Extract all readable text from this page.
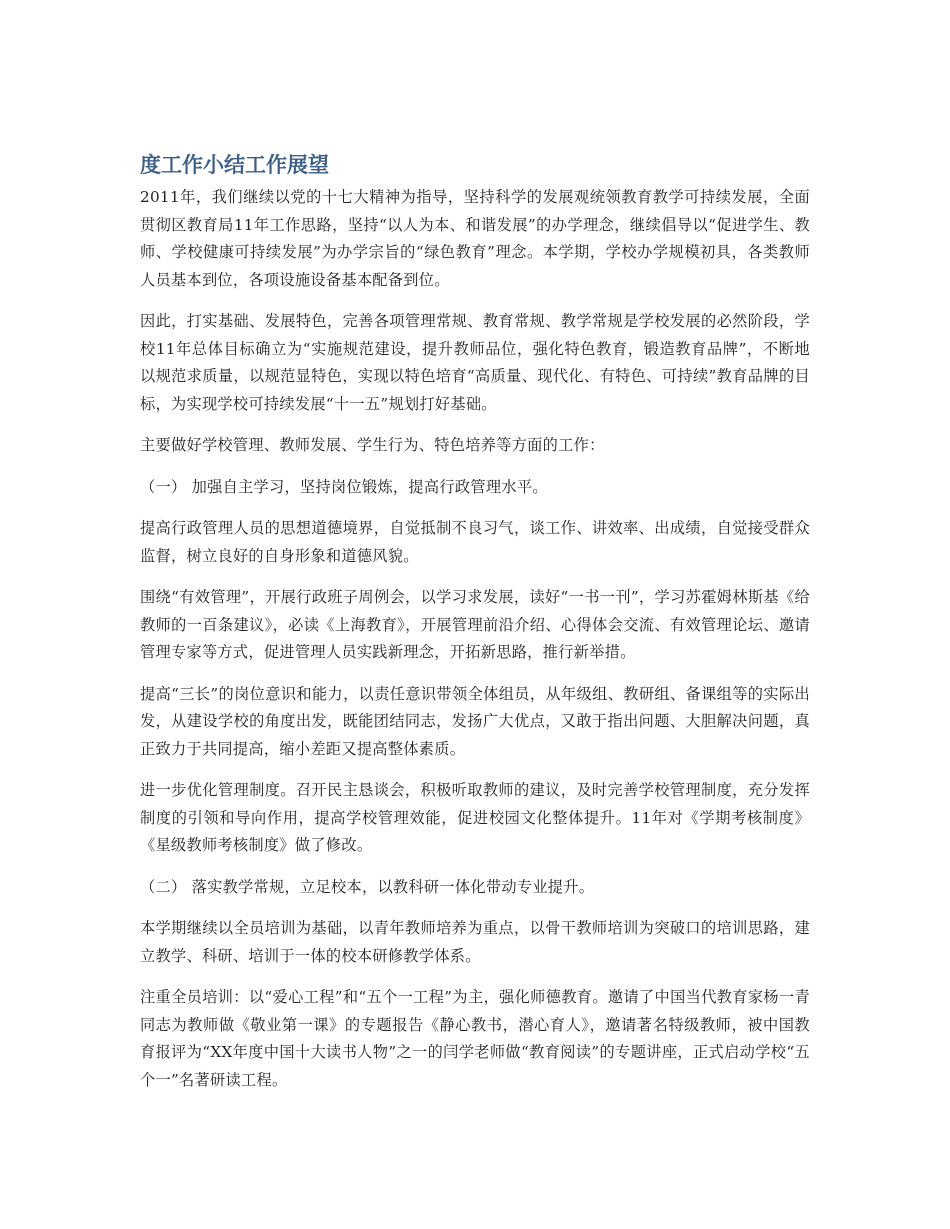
度工作小结工作展望

2011年，我们继续以党的十七大精神为指导，坚持科学的发展观统领教育教学可持续发展，全面贯彻区教育局11年工作思路，坚持“以人为本、和谐发展”的办学理念，继续倡导以“促进学生、教师、学校健康可持续发展”为办学宗旨的“绿色教育”理念。本学期，学校办学规模初具，各类教师人员基本到位，各项设施设备基本配备到位。

因此，打实基础、发展特色，完善各项管理常规、教育常规、教学常规是学校发展的必然阶段，学校11年总体目标确立为“实施规范建设，提升教师品位，强化特色教育，锻造教育品牌”，不断地以规范求质量，以规范显特色，实现以特色培育“高质量、现代化、有特色、可持续”教育品牌的目标，为实现学校可持续发展“十一五”规划打好基础。

主要做好学校管理、教师发展、学生行为、特色培养等方面的工作：

（一） 加强自主学习，坚持岗位锻炼，提高行政管理水平。

提高行政管理人员的思想道德境界，自觉抵制不良习气，谈工作、讲效率、出成绩，自觉接受群众监督，树立良好的自身形象和道德风貌。

围绕“有效管理”，开展行政班子周例会，以学习求发展，读好“一书一刊”，学习苏霍姆林斯基《给教师的一百条建议》，必读《上海教育》，开展管理前沿介绍、心得体会交流、有效管理论坛、邀请管理专家等方式，促进管理人员实践新理念，开拓新思路，推行新举措。

提高“三长”的岗位意识和能力，以责任意识带领全体组员，从年级组、教研组、备课组等的实际出发，从建设学校的角度出发，既能团结同志，发扬广大优点，又敢于指出问题、大胆解决问题，真正致力于共同提高，缩小差距又提高整体素质。

进一步优化管理制度。召开民主恳谈会，积极听取教师的建议，及时完善学校管理制度，充分发挥制度的引领和导向作用，提高学校管理效能，促进校园文化整体提升。11年对《学期考核制度》《星级教师考核制度》做了修改。

（二） 落实教学常规，立足校本，以教科研一体化带动专业提升。

本学期继续以全员培训为基础，以青年教师培养为重点，以骨干教师培训为突破口的培训思路，建立教学、科研、培训于一体的校本研修教学体系。

注重全员培训：以“爱心工程”和“五个一工程”为主，强化师德教育。邀请了中国当代教育家杨一青同志为教师做《敬业第一课》的专题报告《静心教书，潜心育人》，邀请著名特级教师，被中国教育报评为“XX年度中国十大读书人物”之一的闫学老师做“教育阅读”的专题讲座，正式启动学校“五个一”名著研读工程。
